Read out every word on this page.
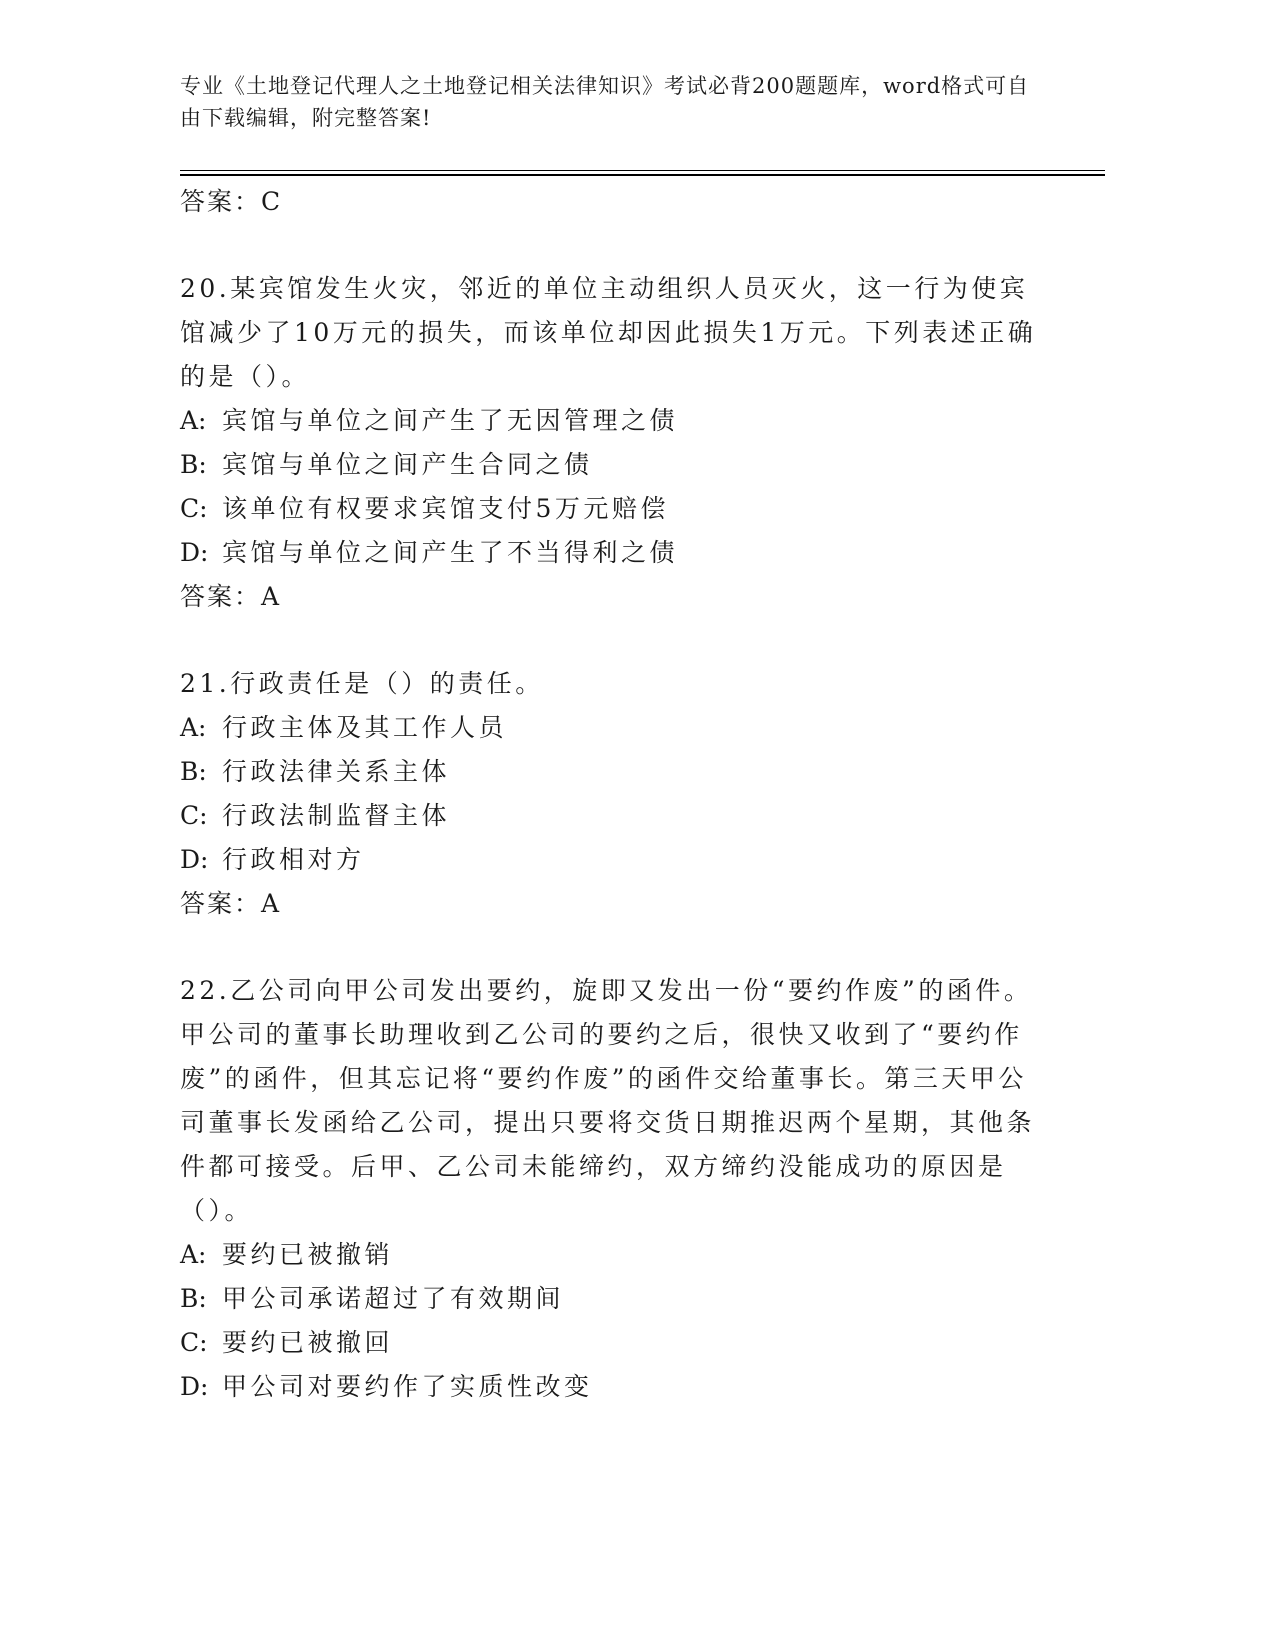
专业《土地登记代理人之土地登记相关法律知识》考试必背200题题库，word格式可自由下载编辑，附完整答案!

答案：C

20.某宾馆发生火灾，邻近的单位主动组织人员灭火，这一行为使宾馆减少了10万元的损失，而该单位却因此损失1万元。下列表述正确的是（）。

A: 宾馆与单位之间产生了无因管理之债
B: 宾馆与单位之间产生合同之债
C: 该单位有权要求宾馆支付5万元赔偿
D: 宾馆与单位之间产生了不当得利之债

答案：A

21.行政责任是（）的责任。

A: 行政主体及其工作人员
B: 行政法律关系主体
C: 行政法制监督主体
D: 行政相对方

答案：A

22.乙公司向甲公司发出要约，旋即又发出一份“要约作废”的函件。甲公司的董事长助理收到乙公司的要约之后，很快又收到了“要约作废”的函件，但其忘记将“要约作废”的函件交给董事长。第三天甲公司董事长发函给乙公司，提出只要将交货日期推迟两个星期，其他条件都可接受。后甲、乙公司未能缔约，双方缔约没能成功的原因是（）。

A: 要约已被撤销
B: 甲公司承诺超过了有效期间
C: 要约已被撤回
D: 甲公司对要约作了实质性改变
